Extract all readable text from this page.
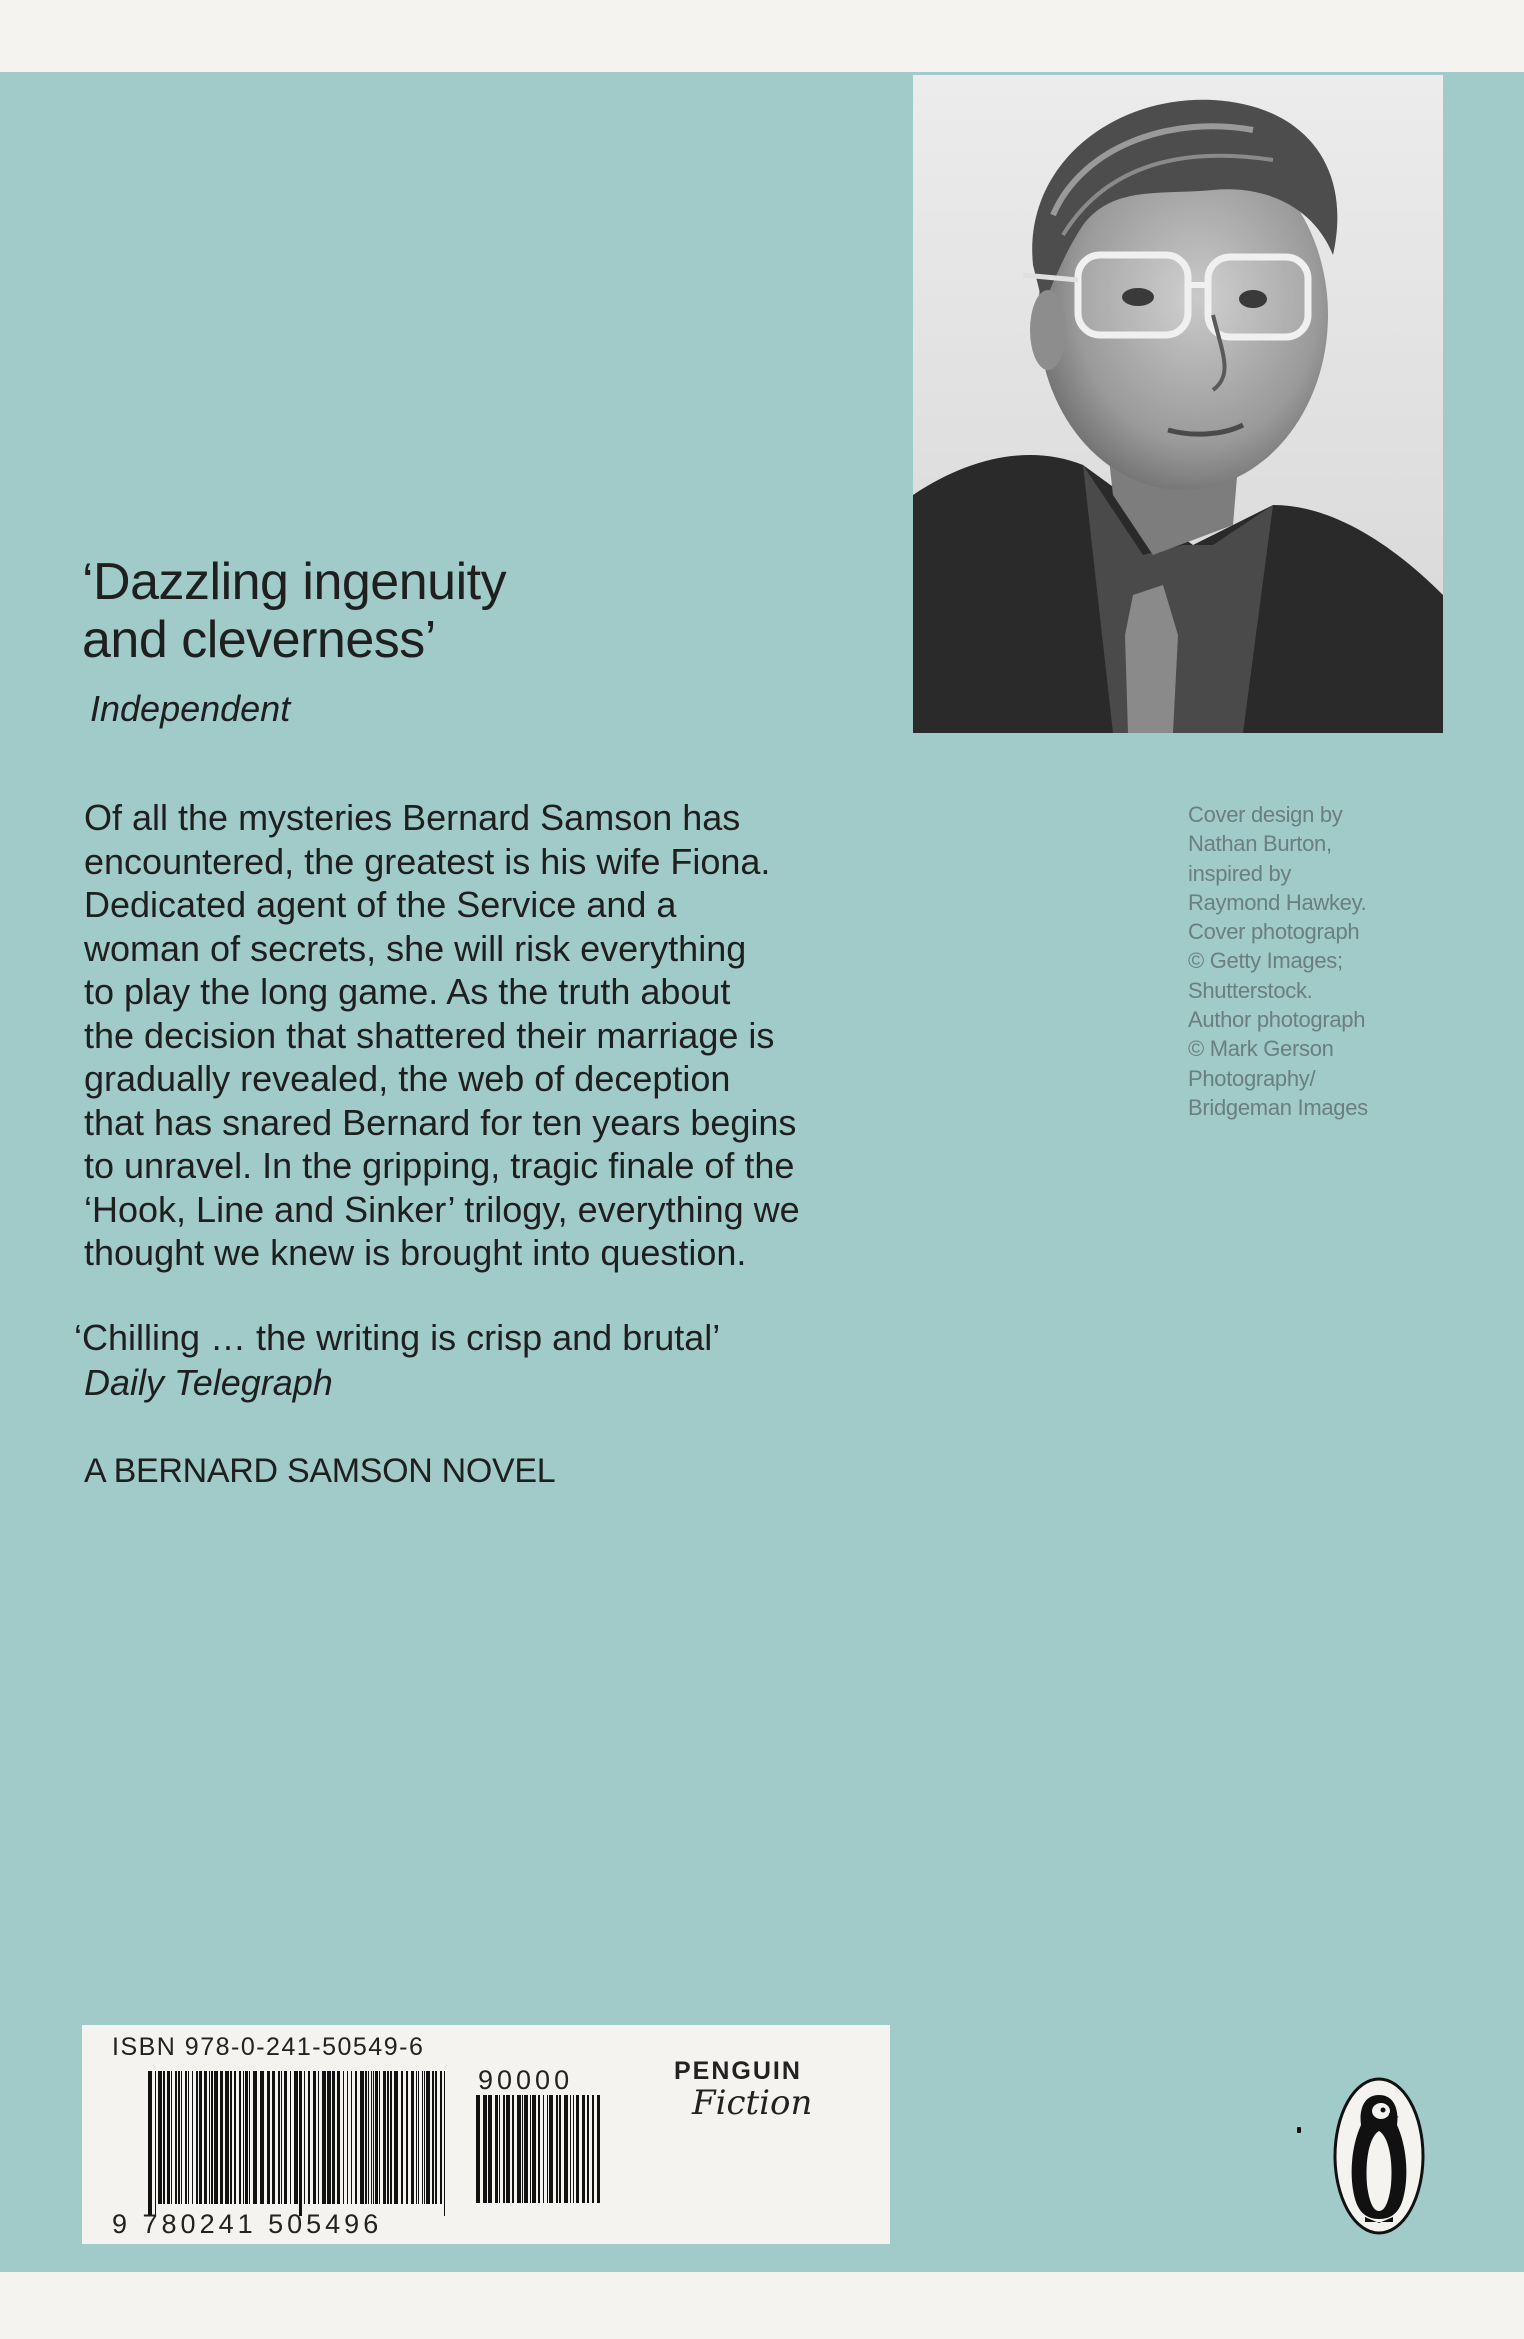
‘Dazzling ingenuity
and cleverness’

Independent

Of all the mysteries Bernard Samson has
encountered, the greatest is his wife Fiona.
Dedicated agent of the Service and a
woman of secrets, she will risk everything
to play the long game. As the truth about
the decision that shattered their marriage is
gradually revealed, the web of deception
that has snared Bernard for ten years begins
to unravel. In the gripping, tragic finale of the
‘Hook, Line and Sinker’ trilogy, everything we
thought we knew is brought into question.

‘Chilling … the writing is crisp and brutal’

Daily Telegraph

A BERNARD SAMSON NOVEL

Cover design by
Nathan Burton,
inspired by
Raymond Hawkey.
Cover photograph
© Getty Images;
Shutterstock.
Author photograph
© Mark Gerson
Photography/
Bridgeman Images

ISBN 978-0-241-50549-6

90000

9 780241 505496

PENGUIN

Fiction
